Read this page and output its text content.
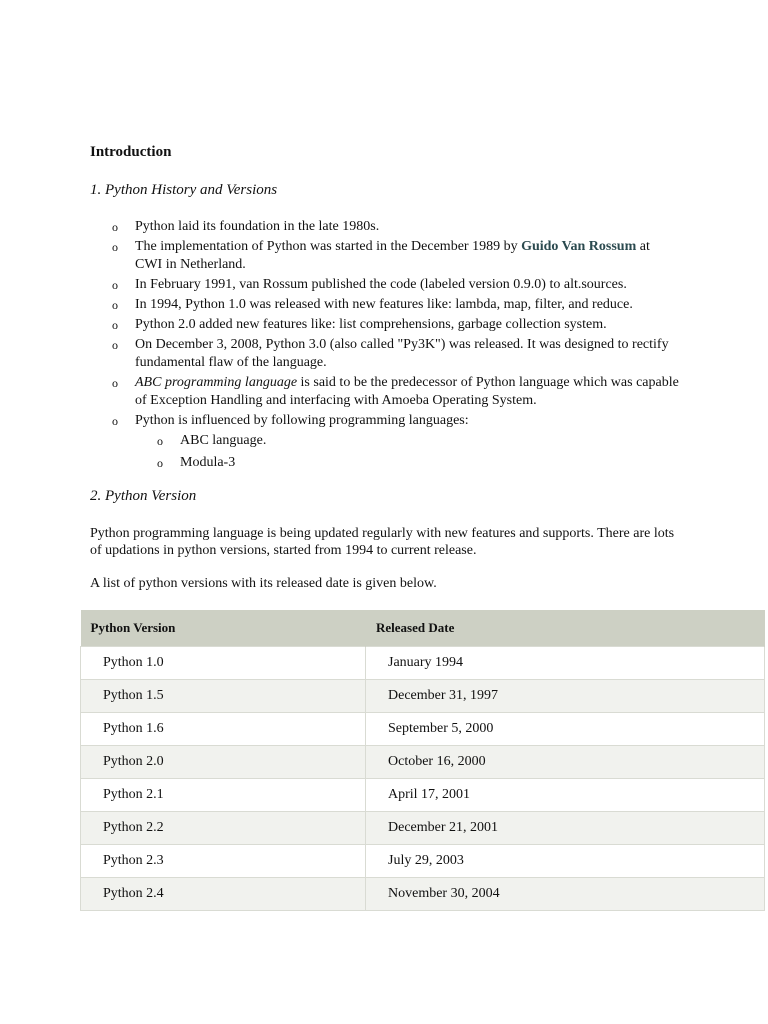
Introduction
1. Python History and Versions
o Python laid its foundation in the late 1980s.
o The implementation of Python was started in the December 1989 by Guido Van Rossum at CWI in Netherland.
o In February 1991, van Rossum published the code (labeled version 0.9.0) to alt.sources.
o In 1994, Python 1.0 was released with new features like: lambda, map, filter, and reduce.
o Python 2.0 added new features like: list comprehensions, garbage collection system.
o On December 3, 2008, Python 3.0 (also called "Py3K") was released. It was designed to rectify fundamental flaw of the language.
o ABC programming language is said to be the predecessor of Python language which was capable of Exception Handling and interfacing with Amoeba Operating System.
o Python is influenced by following programming languages:
o ABC language.
o Modula-3
2. Python Version

Python programming language is being updated regularly with new features and supports. There are lots of updations in python versions, started from 1994 to current release.

A list of python versions with its released date is given below.

Python Version	Released Date
Python 1.0	January 1994
Python 1.5	December 31, 1997
Python 1.6	September 5, 2000
Python 2.0	October 16, 2000
Python 2.1	April 17, 2001
Python 2.2	December 21, 2001
Python 2.3	July 29, 2003
Python 2.4	November 30, 2004
